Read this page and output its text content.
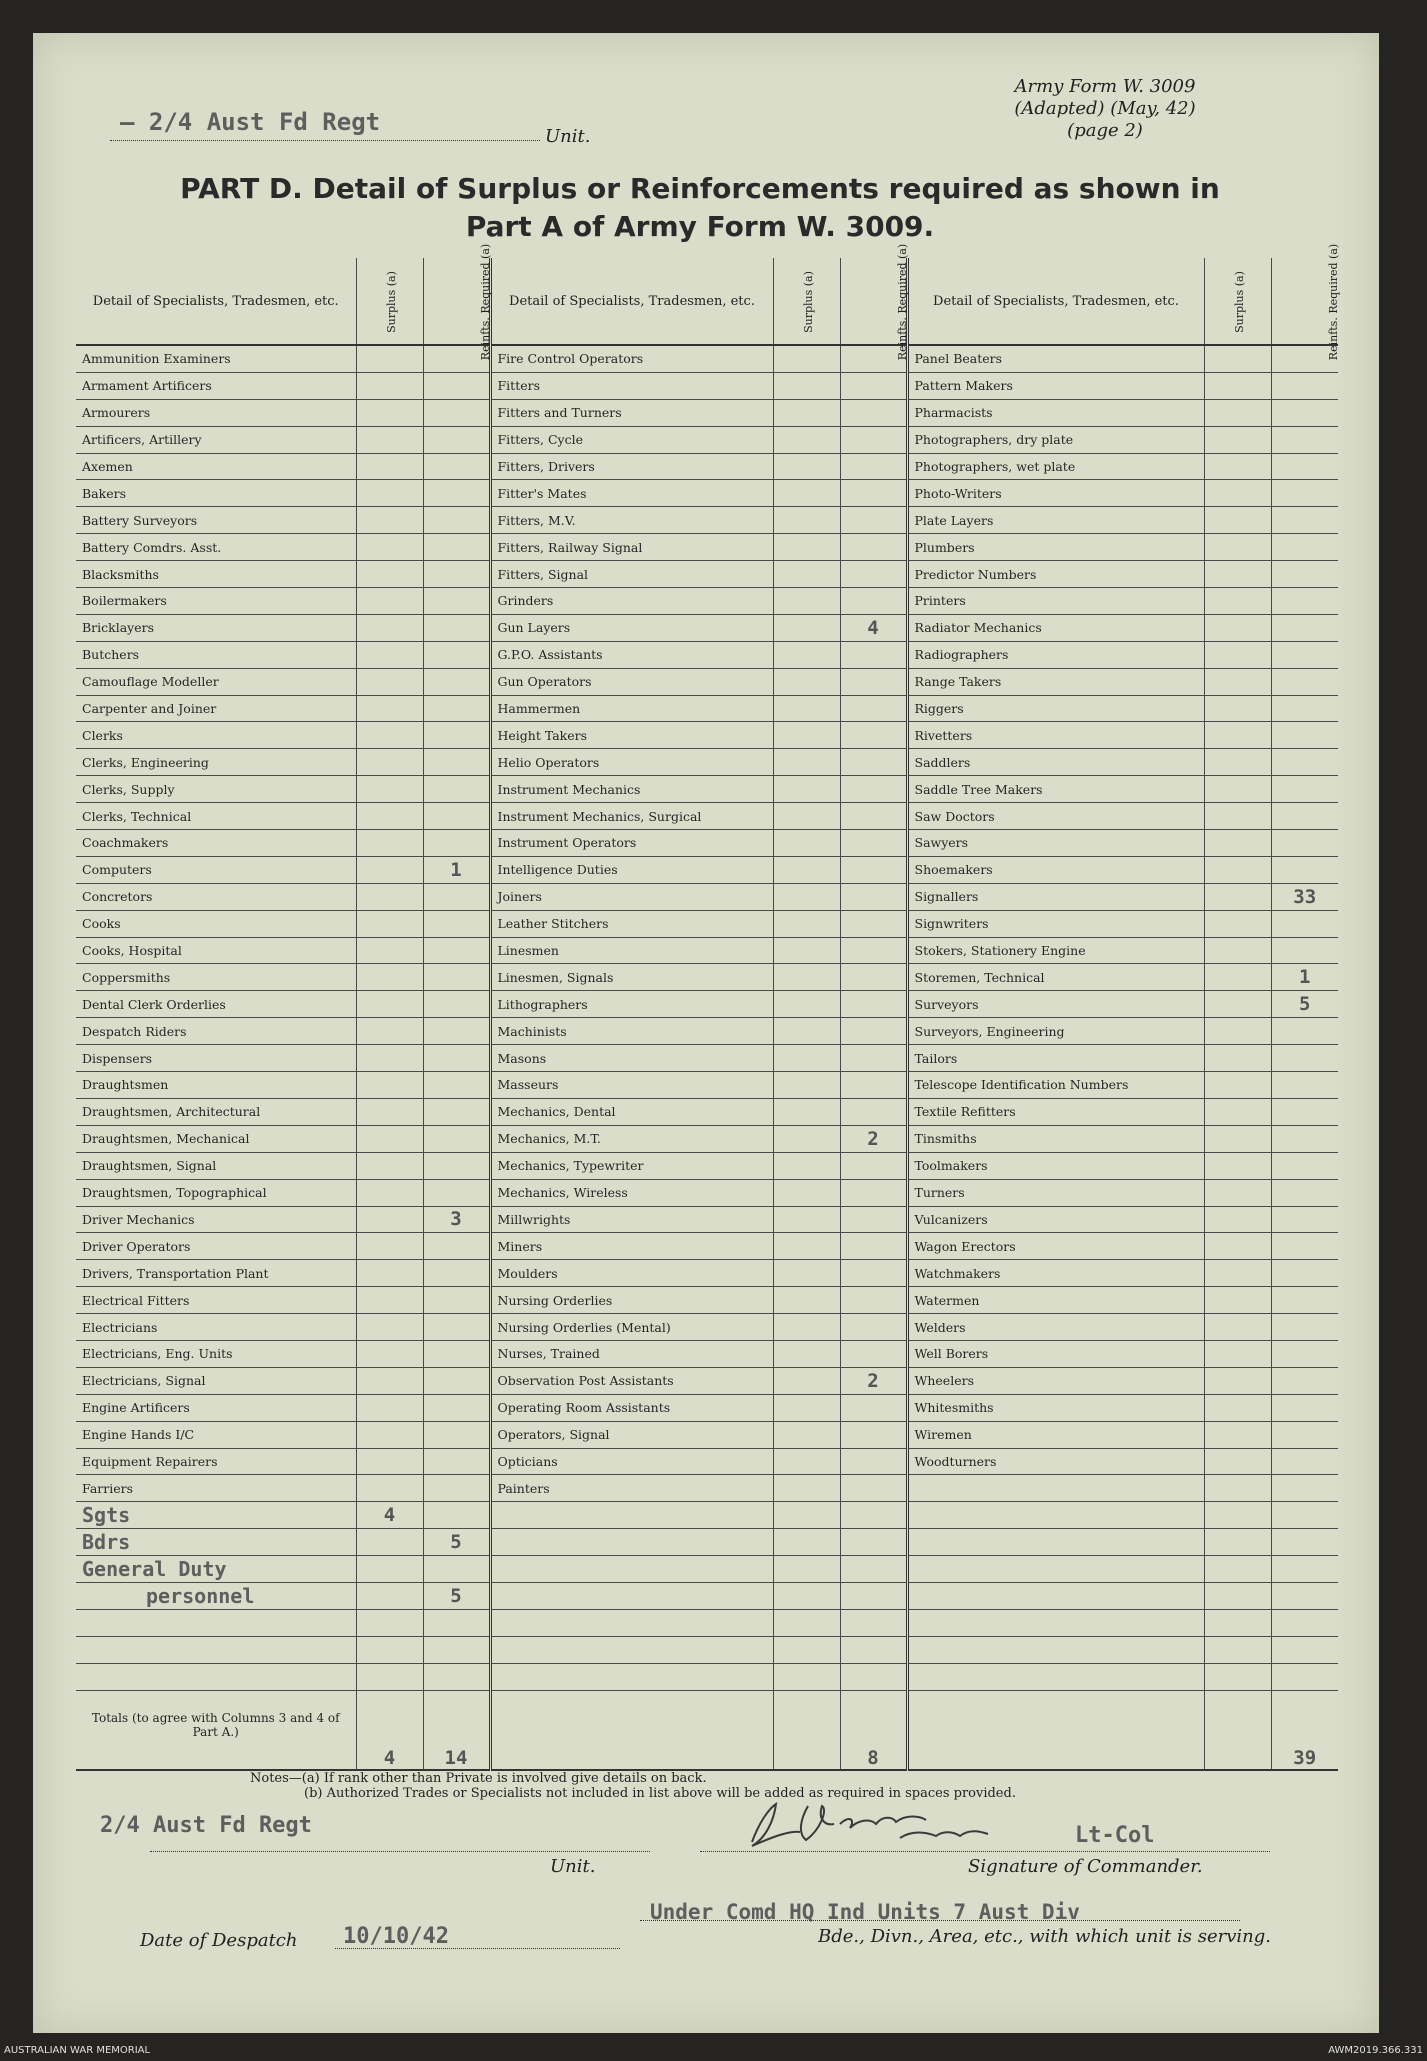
– 2/4 Aust Fd Regt
Unit.
Army Form W. 3009
(Adapted) (May, 42)
(page 2)
PART D. Detail of Surplus or Reinforcements required as shown in
Part A of Army Form W. 3009.
Detail of Specialists, Tradesmen, etc.	Surplus (a)	Reinfts. Required (a)	Detail of Specialists, Tradesmen, etc.	Surplus (a)	Reinfts. Required (a)	Detail of Specialists, Tradesmen, etc.	Surplus (a)	Reinfts. Required (a)
Ammunition Examiners			Fire Control Operators			Panel Beaters		
Armament Artificers			Fitters			Pattern Makers		
Armourers			Fitters and Turners			Pharmacists		
Artificers, Artillery			Fitters, Cycle			Photographers, dry plate		
Axemen			Fitters, Drivers			Photographers, wet plate		
Bakers			Fitter's Mates			Photo-Writers		
Battery Surveyors			Fitters, M.V.			Plate Layers		
Battery Comdrs. Asst.			Fitters, Railway Signal			Plumbers		
Blacksmiths			Fitters, Signal			Predictor Numbers		
Boilermakers			Grinders			Printers		
Bricklayers			Gun Layers		4	Radiator Mechanics		
Butchers			G.P.O. Assistants			Radiographers		
Camouflage Modeller			Gun Operators			Range Takers		
Carpenter and Joiner			Hammermen			Riggers		
Clerks			Height Takers			Rivetters		
Clerks, Engineering			Helio Operators			Saddlers		
Clerks, Supply			Instrument Mechanics			Saddle Tree Makers		
Clerks, Technical			Instrument Mechanics, Surgical			Saw Doctors		
Coachmakers			Instrument Operators			Sawyers		
Computers		1	Intelligence Duties			Shoemakers		
Concretors			Joiners			Signallers		33
Cooks			Leather Stitchers			Signwriters		
Cooks, Hospital			Linesmen			Stokers, Stationery Engine		
Coppersmiths			Linesmen, Signals			Storemen, Technical		1
Dental Clerk Orderlies			Lithographers			Surveyors		5
Despatch Riders			Machinists			Surveyors, Engineering		
Dispensers			Masons			Tailors		
Draughtsmen			Masseurs			Telescope Identification Numbers		
Draughtsmen, Architectural			Mechanics, Dental			Textile Refitters		
Draughtsmen, Mechanical			Mechanics, M.T.		2	Tinsmiths		
Draughtsmen, Signal			Mechanics, Typewriter			Toolmakers		
Draughtsmen, Topographical			Mechanics, Wireless			Turners		
Driver Mechanics		3	Millwrights			Vulcanizers		
Driver Operators			Miners			Wagon Erectors		
Drivers, Transportation Plant			Moulders			Watchmakers		
Electrical Fitters			Nursing Orderlies			Watermen		
Electricians			Nursing Orderlies (Mental)			Welders		
Electricians, Eng. Units			Nurses, Trained			Well Borers		
Electricians, Signal			Observation Post Assistants		2	Wheelers		
Engine Artificers			Operating Room Assistants			Whitesmiths		
Engine Hands I/C			Operators, Signal			Wiremen		
Equipment Repairers			Opticians			Woodturners		
Farriers			Painters					
Sgts	4							
Bdrs		5						
General Duty								
personnel		5						

Totals (to agree with Columns 3 and 4 of Part A.)	4	14			8			39
Notes—(a) If rank other than Private is involved give details on back.
(b) Authorized Trades or Specialists not included in list above will be added as required in spaces provided.
2/4 Aust Fd Regt
Unit.
Lt-Col
Signature of Commander.
Date of Despatch 10/10/42
Under Comd HQ Ind Units 7 Aust Div
Bde., Divn., Area, etc., with which unit is serving.
AUSTRALIAN WAR MEMORIAL	AWM2019.366.331
